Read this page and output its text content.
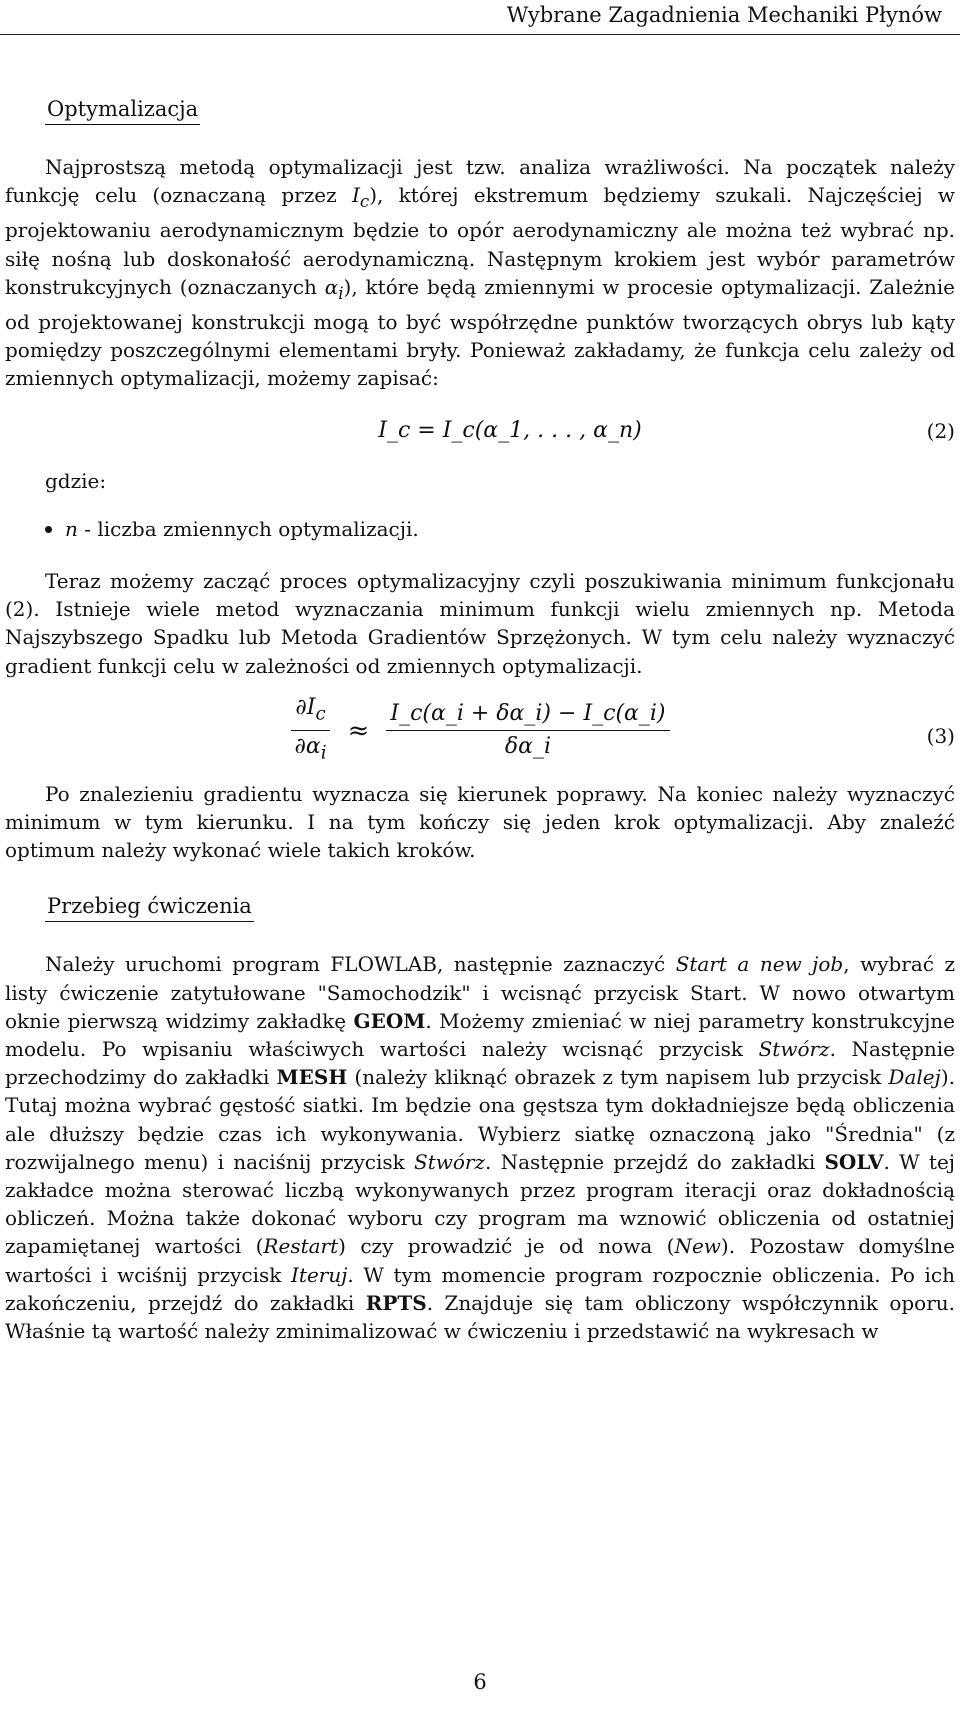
Wybrane Zagadnienia Mechaniki Płynów
Optymalizacja

Najprostszą metodą optymalizacji jest tzw. analiza wrażliwości. Na początek należy funkcję celu (oznaczaną przez $I_c$), której ekstremum będziemy szukali. Najczęściej w projektowaniu aerodynamicznym będzie to opór aerodynamiczny ale można też wybrać np. siłę nośną lub doskonałość aerodynamiczną. Następnym krokiem jest wybór parametrów konstrukcyjnych (oznaczanych $\alpha_i$), które będą zmiennymi w procesie optymalizacji. Zależnie od projektowanej konstrukcji mogą to być współrzędne punktów tworzących obrys lub kąty pomiędzy poszczególnymi elementami bryły. Ponieważ zakładamy, że funkcja celu zależy od zmiennych optymalizacji, możemy zapisać:

I_c = I_c(α_1, . . . , α_n)	(2)
gdzie:
n - liczba zmiennych optymalizacji.

Teraz możemy zacząć proces optymalizacyjny czyli poszukiwania minimum funkcjonału (2). Istnieje wiele metod wyznaczania minimum funkcji wielu zmiennych np. Metoda Najszybszego Spadku lub Metoda Gradientów Sprzężonych. W tym celu należy wyznaczyć gradient funkcji celu w zależności od zmiennych optymalizacji.

$\frac{\partial I_c}{\partial\alpha_i} \approx \frac{I\_c(\alpha\_i + \delta\alpha\_i) - I\_c(\alpha\_i)}{\delta\alpha\_i}$	(3)

Po znalezieniu gradientu wyznacza się kierunek poprawy. Na koniec należy wyznaczyć minimum w tym kierunku. I na tym kończy się jeden krok optymalizacji. Aby znaleźć optimum należy wykonać wiele takich kroków.

Przebieg ćwiczenia

Należy uruchomi program FLOWLAB, następnie zaznaczyć Start a new job, wybrać z listy ćwiczenie zatytułowane "Samochodzik" i wcisnąć przycisk Start. W nowo otwartym oknie pierwszą widzimy zakładkę GEOM. Możemy zmieniać w niej parametry konstrukcyjne modelu. Po wpisaniu właściwych wartości należy wcisnąć przycisk Stwórz. Następnie przechodzimy do zakładki MESH (należy kliknąć obrazek z tym napisem lub przycisk Dalej). Tutaj można wybrać gęstość siatki. Im będzie ona gęstsza tym dokładniejsze będą obliczenia ale dłuższy będzie czas ich wykonywania. Wybierz siatkę oznaczoną jako "Średnia" (z rozwijalnego menu) i naciśnij przycisk Stwórz. Następnie przejdź do zakładki SOLV. W tej zakładce można sterować liczbą wykonywanych przez program iteracji oraz dokładnością obliczeń. Można także dokonać wyboru czy program ma wznowić obliczenia od ostatniej zapamiętanej wartości (Restart) czy prowadzić je od nowa (New). Pozostaw domyślne wartości i wciśnij przycisk Iteruj. W tym momencie program rozpocznie obliczenia. Po ich zakończeniu, przejdź do zakładki RPTS. Znajduje się tam obliczony współczynnik oporu. Właśnie tą wartość należy zminimalizować w ćwiczeniu i przedstawić na wykresach w

6
